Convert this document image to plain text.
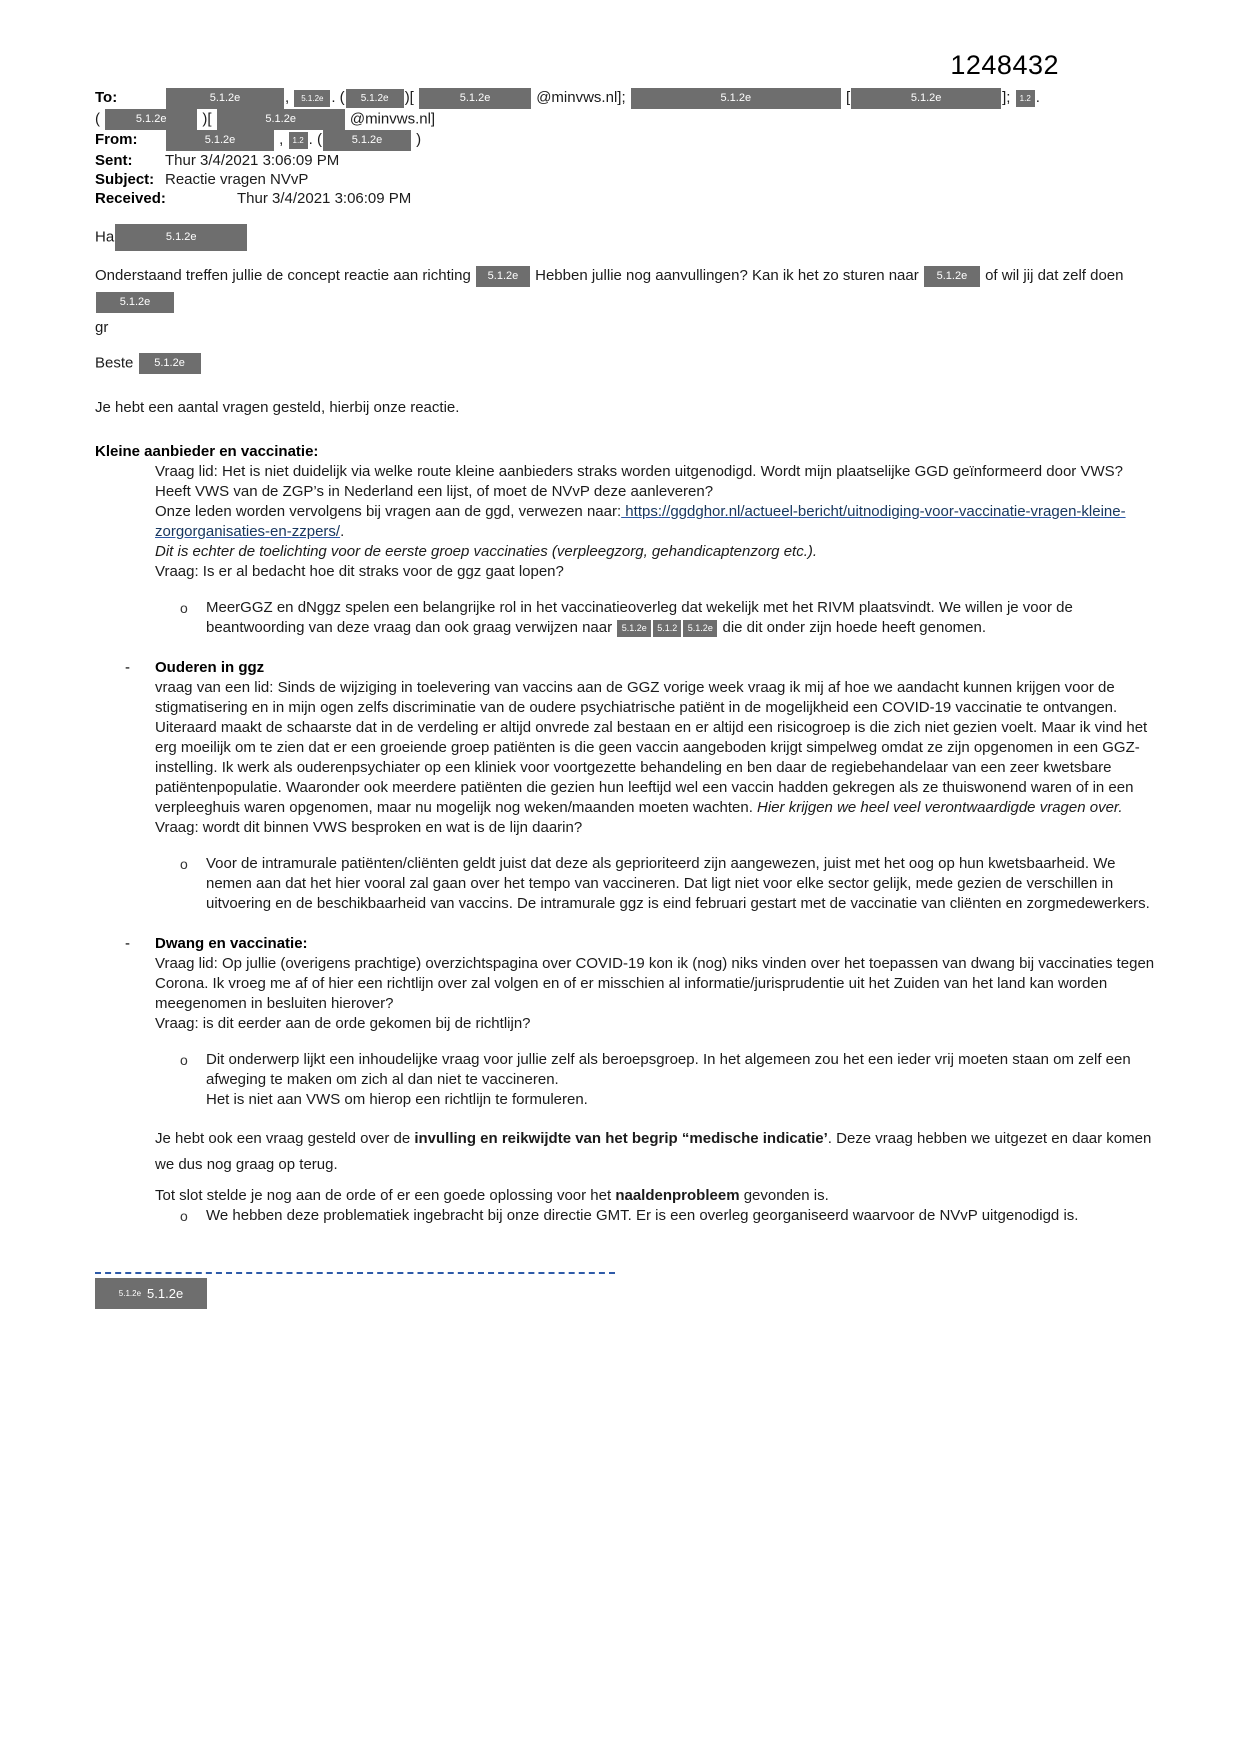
1248432
To:	5.1.2e	, 5.1.2e . ( 5.1.2e )[	5.1.2e	@minvws.nl];	5.1.2e	[	5.1.2e	]; 1.2 .
(	5.1.2e )[	5.1.2e	@minvws.nl]
From:	5.1.2e	, 1.2 . (	5.1.2e )
Sent: Thur 3/4/2021 3:06:09 PM
Subject: Reactie vragen NVvP
Received:	Thur 3/4/2021 3:06:09 PM
Ha	5.1.2e
Onderstaand treffen jullie de concept reactie aan richting 5.1.2e Hebben jullie nog aanvullingen? Kan ik het zo sturen naar 5.1.2e of wil jij dat zelf doen 5.1.2e
gr
Beste 5.1.2e
Je hebt een aantal vragen gesteld, hierbij onze reactie.
Kleine aanbieder en vaccinatie:
Vraag lid: Het is niet duidelijk via welke route kleine aanbieders straks worden uitgenodigd. Wordt mijn plaatselijke GGD geïnformeerd door VWS? Heeft VWS van de ZGP’s in Nederland een lijst, of moet de NVvP deze aanleveren?
Onze leden worden vervolgens bij vragen aan de ggd, verwezen naar: https://ggdghor.nl/actueel-bericht/uitnodiging-voor-vaccinatie-vragen-kleine-zorgorganisaties-en-zzpers/.
Dit is echter de toelichting voor de eerste groep vaccinaties (verpleegzorg, gehandicaptenzorg etc.).
Vraag: Is er al bedacht hoe dit straks voor de ggz gaat lopen?
o	MeerGGZ en dNggz spelen een belangrijke rol in het vaccinatieoverleg dat wekelijk met het RIVM plaatsvindt. We willen je voor de beantwoording van deze vraag dan ook graag verwijzen naar 5.1.2e 5.1.2 5.1.2e die dit onder zijn hoede heeft genomen.
-	Ouderen in ggz
vraag van een lid: Sinds de wijziging in toelevering van vaccins aan de GGZ vorige week vraag ik mij af hoe we aandacht kunnen krijgen voor de stigmatisering en in mijn ogen zelfs discriminatie van de oudere psychiatrische patiënt in de mogelijkheid een COVID-19 vaccinatie te ontvangen. Uiteraard maakt de schaarste dat in de verdeling er altijd onvrede zal bestaan en er altijd een risicogroep is die zich niet gezien voelt. Maar ik vind het erg moeilijk om te zien dat er een groeiende groep patiënten is die geen vaccin aangeboden krijgt simpelweg omdat ze zijn opgenomen in een GGZ-instelling. Ik werk als ouderenpsychiater op een kliniek voor voortgezette behandeling en ben daar de regiebehandelaar van een zeer kwetsbare patiëntenpopulatie. Waaronder ook meerdere patiënten die gezien hun leeftijd wel een vaccin hadden gekregen als ze thuiswonend waren of in een verpleeghuis waren opgenomen, maar nu mogelijk nog weken/maanden moeten wachten. Hier krijgen we heel veel verontwaardigde vragen over.
Vraag: wordt dit binnen VWS besproken en wat is de lijn daarin?
o	Voor de intramurale patiënten/cliënten geldt juist dat deze als geprioriteerd zijn aangewezen, juist met het oog op hun kwetsbaarheid. We nemen aan dat het hier vooral zal gaan over het tempo van vaccineren. Dat ligt niet voor elke sector gelijk, mede gezien de verschillen in uitvoering en de beschikbaarheid van vaccins. De intramurale ggz is eind februari gestart met de vaccinatie van cliënten en zorgmedewerkers.
-	Dwang en vaccinatie:
Vraag lid: Op jullie (overigens prachtige) overzichtspagina over COVID-19 kon ik (nog) niks vinden over het toepassen van dwang bij vaccinaties tegen Corona. Ik vroeg me af of hier een richtlijn over zal volgen en of er misschien al informatie/jurisprudentie uit het Zuiden van het land kan worden meegenomen in besluiten hierover?
Vraag: is dit eerder aan de orde gekomen bij de richtlijn?
o	Dit onderwerp lijkt een inhoudelijke vraag voor jullie zelf als beroepsgroep. In het algemeen zou het een ieder vrij moeten staan om zelf een afweging te maken om zich al dan niet te vaccineren.
Het is niet aan VWS om hierop een richtlijn te formuleren.
Je hebt ook een vraag gesteld over de invulling en reikwijdte van het begrip “medische indicatie’. Deze vraag hebben we uitgezet en daar komen we dus nog graag op terug.
Tot slot stelde je nog aan de orde of er een goede oplossing voor het naaldenprobleem gevonden is.
o	We hebben deze problematiek ingebracht bij onze directie GMT. Er is een overleg georganiseerd waarvoor de NVvP uitgenodigd is.
5.1.2e 5.1.2e
